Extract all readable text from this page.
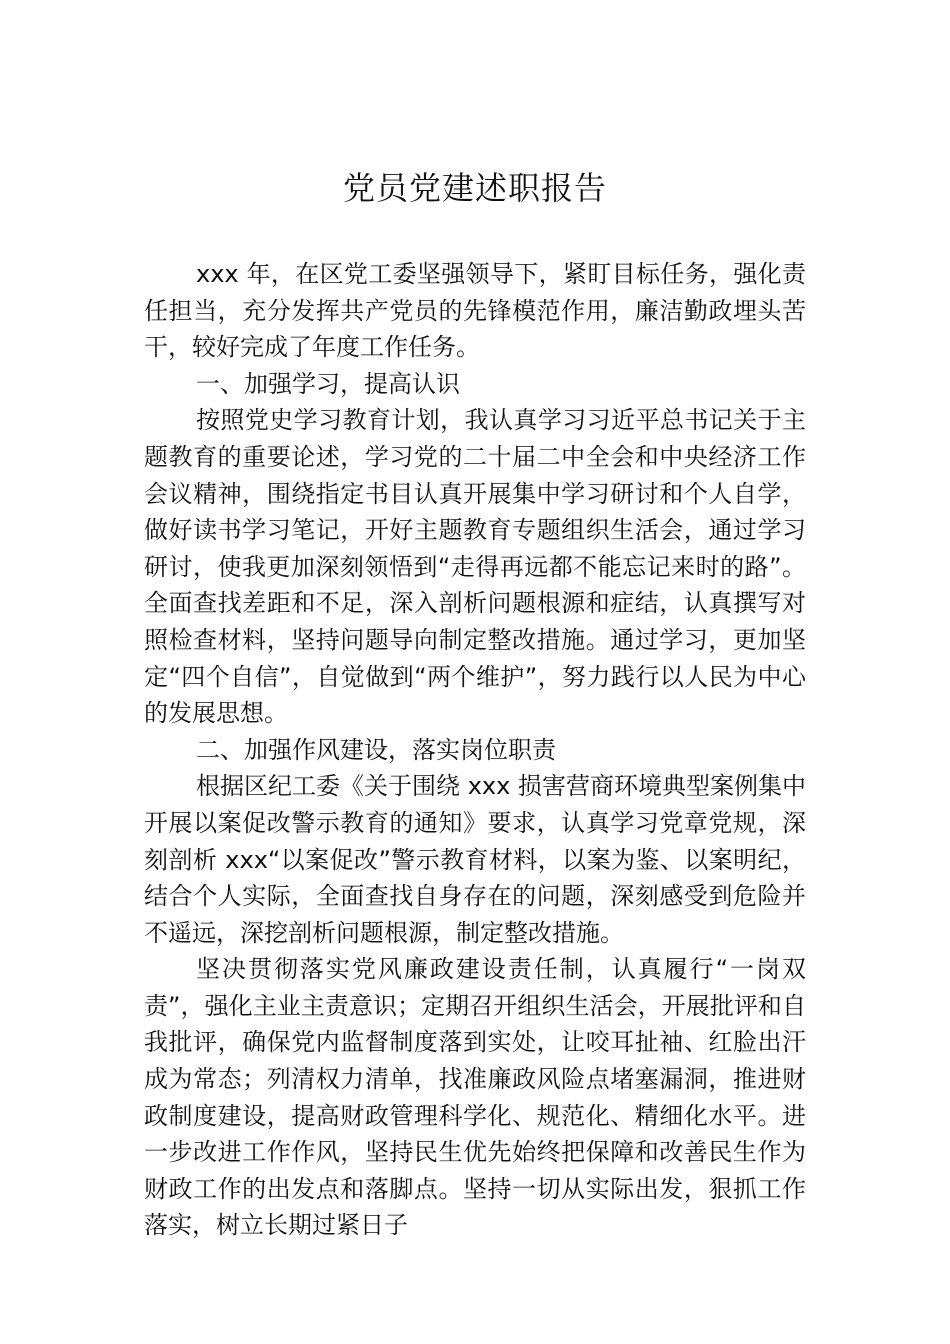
党员党建述职报告

xxx 年，在区党工委坚强领导下，紧盯目标任务，强化责任担当，充分发挥共产党员的先锋模范作用，廉洁勤政埋头苦干，较好完成了年度工作任务。

一、加强学习，提高认识

按照党史学习教育计划，我认真学习习近平总书记关于主题教育的重要论述，学习党的二十届二中全会和中央经济工作会议精神，围绕指定书目认真开展集中学习研讨和个人自学，做好读书学习笔记，开好主题教育专题组织生活会，通过学习研讨，使我更加深刻领悟到“走得再远都不能忘记来时的路”。全面查找差距和不足，深入剖析问题根源和症结，认真撰写对照检查材料，坚持问题导向制定整改措施。通过学习，更加坚定“四个自信”，自觉做到“两个维护”，努力践行以人民为中心的发展思想。

二、加强作风建设，落实岗位职责

根据区纪工委《关于围绕 xxx 损害营商环境典型案例集中开展以案促改警示教育的通知》要求，认真学习党章党规，深刻剖析 xxx“以案促改”警示教育材料，以案为鉴、以案明纪，结合个人实际，全面查找自身存在的问题，深刻感受到危险并不遥远，深挖剖析问题根源，制定整改措施。

坚决贯彻落实党风廉政建设责任制，认真履行“一岗双责”，强化主业主责意识；定期召开组织生活会，开展批评和自我批评，确保党内监督制度落到实处，让咬耳扯袖、红脸出汗成为常态；列清权力清单，找准廉政风险点堵塞漏洞，推进财政制度建设，提高财政管理科学化、规范化、精细化水平。进一步改进工作作风，坚持民生优先始终把保障和改善民生作为财政工作的出发点和落脚点。坚持一切从实际出发，狠抓工作落实，树立长期过紧日子
